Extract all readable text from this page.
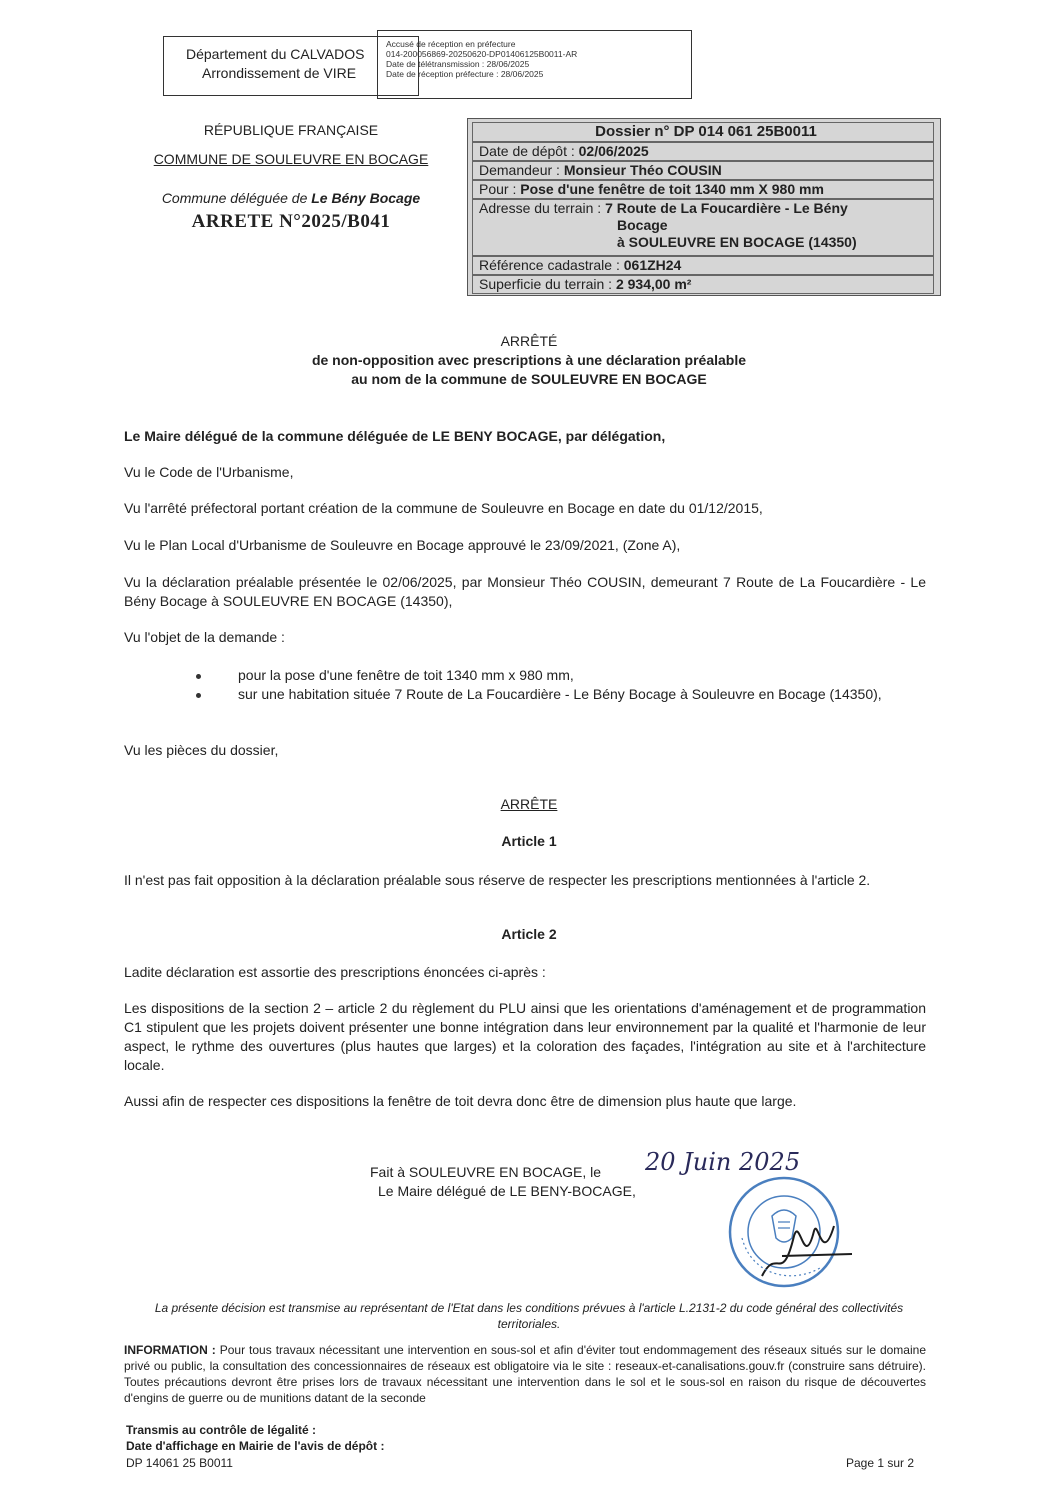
Département du CALVADOS
Arrondissement de VIRE
Accusé de réception en préfecture
014-200056869-20250620-DP01406125B0011-AR
Date de télétransmission : 28/06/2025
Date de réception préfecture : 28/06/2025
RÉPUBLIQUE FRANÇAISE
COMMUNE DE SOULEUVRE EN BOCAGE
Commune déléguée de Le Bény Bocage
ARRETE N°2025/B041
Dossier n° DP 014 061 25B0011
Date de dépôt : 02/06/2025
Demandeur : Monsieur Théo COUSIN
Pour : Pose d'une fenêtre de toit 1340 mm X 980 mm
Adresse du terrain : 7 Route de La Foucardière - Le Bény
Bocage
à SOULEUVRE EN BOCAGE (14350)
Référence cadastrale : 061ZH24
Superficie du terrain : 2 934,00 m²
ARRÊTÉ
de non-opposition avec prescriptions à une déclaration préalable
au nom de la commune de SOULEUVRE EN BOCAGE
Le Maire délégué de la commune déléguée de LE BENY BOCAGE, par délégation,
Vu le Code de l'Urbanisme,
Vu l'arrêté préfectoral portant création de la commune de Souleuvre en Bocage en date du 01/12/2015,
Vu le Plan Local d'Urbanisme de Souleuvre en Bocage approuvé le 23/09/2021, (Zone A),
Vu la déclaration préalable présentée le 02/06/2025, par Monsieur Théo COUSIN, demeurant 7 Route de La Foucardière - Le Bény Bocage à SOULEUVRE EN BOCAGE (14350),
Vu l'objet de la demande :
pour la pose d'une fenêtre de toit 1340 mm x 980 mm,
sur une habitation située 7 Route de La Foucardière - Le Bény Bocage à Souleuvre en Bocage (14350),
Vu les pièces du dossier,
ARRÊTE
Article 1
Il n'est pas fait opposition à la déclaration préalable sous réserve de respecter les prescriptions mentionnées à l'article 2.
Article 2
Ladite déclaration est assortie des prescriptions énoncées ci-après :
Les dispositions de la section 2 – article 2 du règlement du PLU ainsi que les orientations d'aménagement et de programmation C1 stipulent que les projets doivent présenter une bonne intégration dans leur environnement par la qualité et l'harmonie de leur aspect, le rythme des ouvertures (plus hautes que larges) et la coloration des façades, l'intégration au site et à l'architecture locale.
Aussi afin de respecter ces dispositions la fenêtre de toit devra donc être de dimension plus haute que large.
Fait à SOULEUVRE EN BOCAGE, le 20 Juin 2025
Le Maire délégué de LE BENY-BOCAGE,
La présente décision est transmise au représentant de l'Etat dans les conditions prévues à l'article L.2131-2 du code général des collectivités territoriales.
INFORMATION : Pour tous travaux nécessitant une intervention en sous-sol et afin d'éviter tout endommagement des réseaux situés sur le domaine privé ou public, la consultation des concessionnaires de réseaux est obligatoire via le site : reseaux-et-canalisations.gouv.fr (construire sans détruire). Toutes précautions devront être prises lors de travaux nécessitant une intervention dans le sol et le sous-sol en raison du risque de découvertes d'engins de guerre ou de munitions datant de la seconde
Transmis au contrôle de légalité :
Date d'affichage en Mairie de l'avis de dépôt :
DP 14061 25 B0011	Page 1 sur 2
